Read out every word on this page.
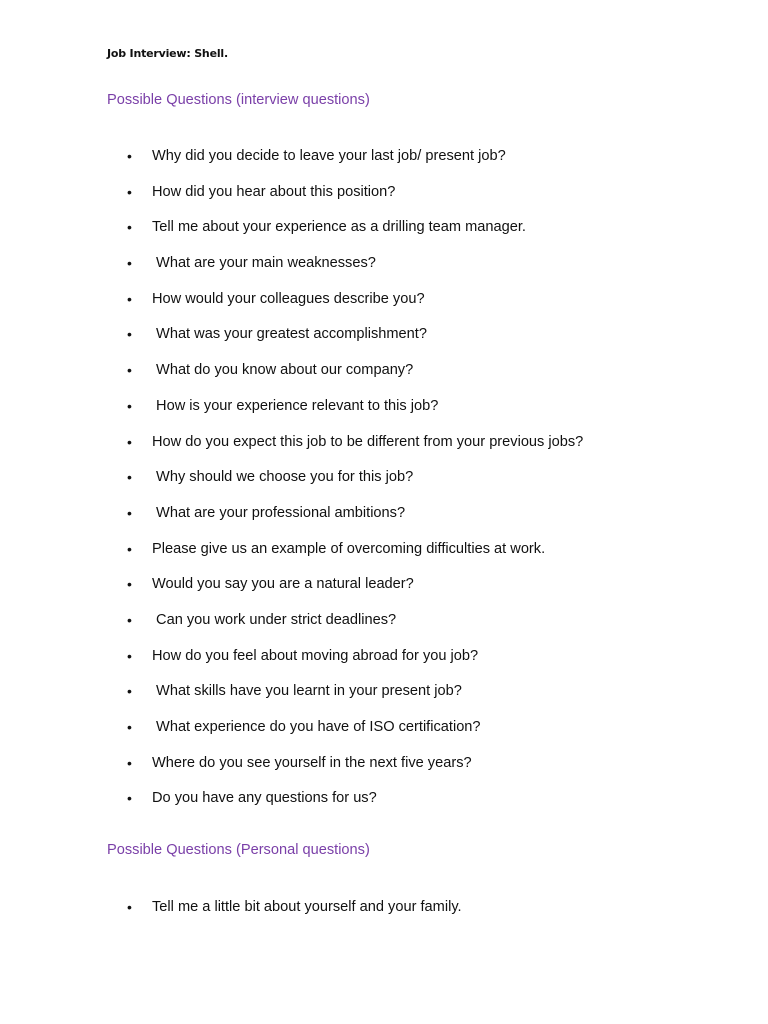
Job Interview: Shell.
Possible Questions (interview questions)
• Why did you decide to leave your last job/ present job?
• How did you hear about this position?
• Tell me about your experience as a drilling team manager.
• What are your main weaknesses?
• How would your colleagues describe you?
• What was your greatest accomplishment?
• What do you know about our company?
• How is your experience relevant to this job?
• How do you expect this job to be different from your previous jobs?
• Why should we choose you for this job?
• What are your professional ambitions?
• Please give us an example of overcoming difficulties at work.
• Would you say you are a natural leader?
• Can you work under strict deadlines?
• How do you feel about moving abroad for you job?
• What skills have you learnt in your present job?
• What experience do you have of ISO certification?
• Where do you see yourself in the next five years?
• Do you have any questions for us?
Possible Questions (Personal questions)
• Tell me a little bit about yourself and your family.
